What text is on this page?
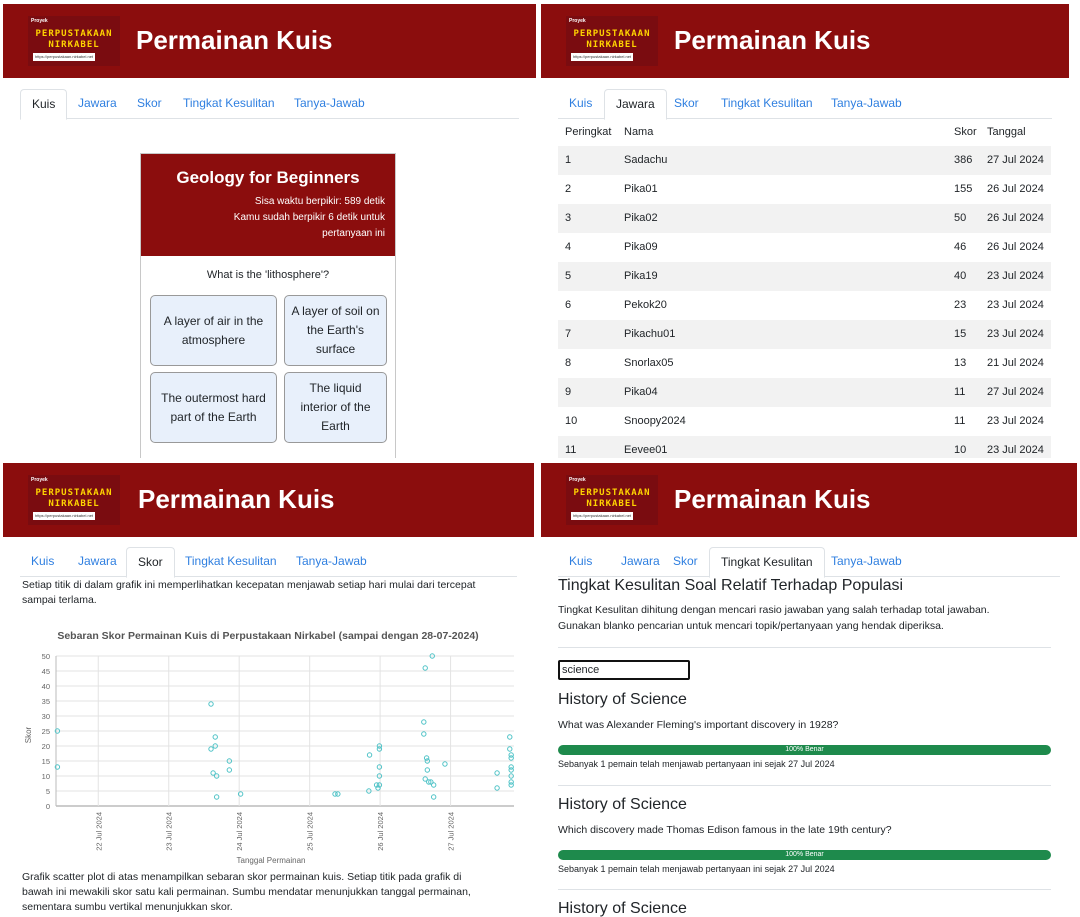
Proyek
PERPUSTAKAAN
NIRKABEL
https://perpustakaan.nirkabel.net
Permainan Kuis
Kuis	Jawara	Skor	Tingkat Kesulitan	Tanya-Jawab
Geology for Beginners
Sisa waktu berpikir: 589 detik
Kamu sudah berpikir 6 detik untuk
pertanyaan ini
What is the 'lithosphere'?
A layer of air in the atmosphere
A layer of soil on the Earth's surface
The outermost hard part of the Earth
The liquid interior of the Earth
Proyek
PERPUSTAKAAN
NIRKABEL
https://perpustakaan.nirkabel.net
Permainan Kuis
Kuis	Jawara	Skor	Tingkat Kesulitan	Tanya-Jawab
Peringkat Nama	Skor Tanggal
1	Sadachu	386 27 Jul 2024
2	Pika01	155 26 Jul 2024
3	Pika02	50 26 Jul 2024
4	Pika09	46 26 Jul 2024
5	Pika19	40 23 Jul 2024
6	Pekok20	23 23 Jul 2024
7	Pikachu01	15 23 Jul 2024
8	Snorlax05	13 21 Jul 2024
9	Pika04	11 27 Jul 2024
10	Snoopy2024	11 23 Jul 2024
11	Eevee01	10 23 Jul 2024
Proyek
PERPUSTAKAAN
NIRKABEL
https://perpustakaan.nirkabel.net
Permainan Kuis
Kuis	Jawara	Skor	Tingkat Kesulitan	Tanya-Jawab
Setiap titik di dalam grafik ini memperlihatkan kecepatan menjawab setiap hari mulai dari tercepat
sampai terlama.
Sebaran Skor Permainan Kuis di Perpustakaan Nirkabel (sampai dengan 28-07-2024)
0
5
10
15
20
25
30
35
40
45
50
22 Jul 2024	23 Jul 2024	24 Jul 2024	25 Jul 2024	26 Jul 2024	27 Jul 2024
Tanggal Permainan
Skor
Grafik scatter plot di atas menampilkan sebaran skor permainan kuis. Setiap titik pada grafik di
bawah ini mewakili skor satu kali permainan. Sumbu mendatar menunjukkan tanggal permainan,
sementara sumbu vertikal menunjukkan skor.
Proyek
PERPUSTAKAAN
NIRKABEL
https://perpustakaan.nirkabel.net
Permainan Kuis
Kuis	Jawara	Skor	Tingkat Kesulitan	Tanya-Jawab
Tingkat Kesulitan Soal Relatif Terhadap Populasi
Tingkat Kesulitan dihitung dengan mencari rasio jawaban yang salah terhadap total jawaban.
Gunakan blanko pencarian untuk mencari topik/pertanyaan yang hendak diperiksa.
science
History of Science
What was Alexander Fleming's important discovery in 1928?
100% Benar
Sebanyak 1 pemain telah menjawab pertanyaan ini sejak 27 Jul 2024
History of Science
Which discovery made Thomas Edison famous in the late 19th century?
100% Benar
Sebanyak 1 pemain telah menjawab pertanyaan ini sejak 27 Jul 2024
History of Science
